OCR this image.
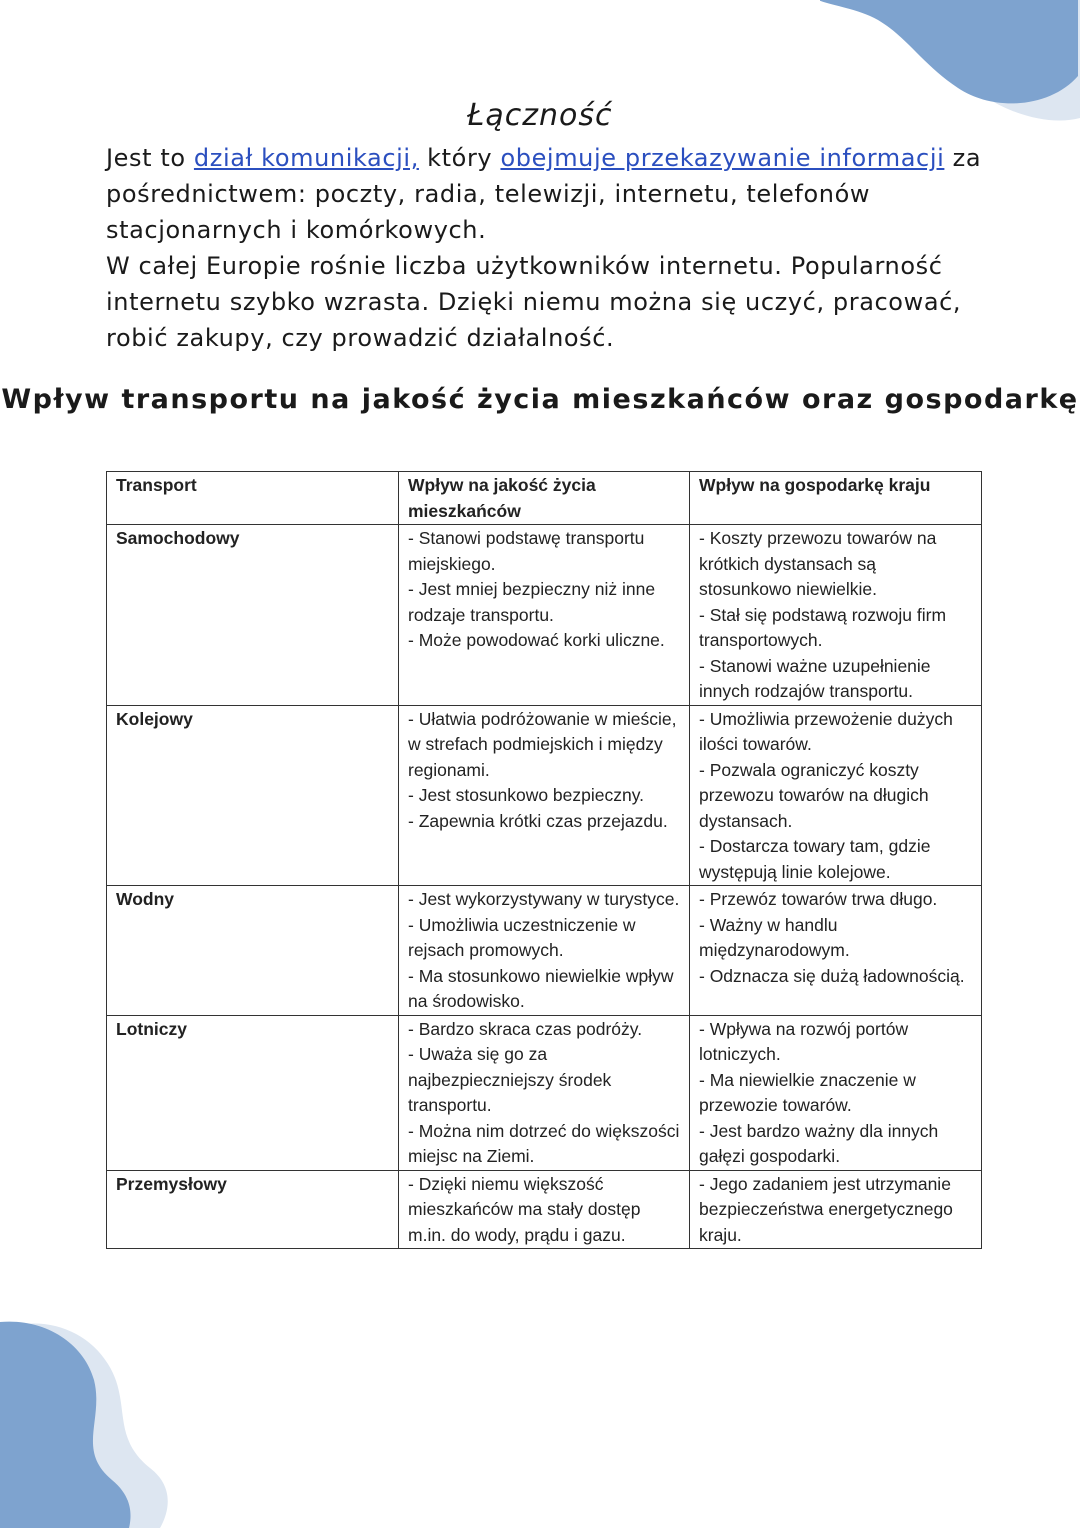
Łączność

Jest to dział komunikacji, który obejmuje przekazywanie informacji za pośrednictwem: poczty, radia, telewizji, internetu, telefonów stacjonarnych i komórkowych.

W całej Europie rośnie liczba użytkowników internetu. Popularność internetu szybko wzrasta. Dzięki niemu można się uczyć, pracować, robić zakupy, czy prowadzić działalność.

Wpływ transportu na jakość życia mieszkańców oraz gospodarkę
Transport	Wpływ na jakość życia mieszkańców	Wpływ na gospodarkę kraju
Samochodowy	- Stanowi podstawę transportu miejskiego.
- Jest mniej bezpieczny niż inne rodzaje transportu.
- Może powodować korki uliczne.	- Koszty przewozu towarów na krótkich dystansach są stosunkowo niewielkie.
- Stał się podstawą rozwoju firm transportowych.
- Stanowi ważne uzupełnienie innych rodzajów transportu.

Kolejowy	- Ułatwia podróżowanie w mieście, w strefach podmiejskich i między regionami.
- Jest stosunkowo bezpieczny.
- Zapewnia krótki czas przejazdu.	- Umożliwia przewożenie dużych ilości towarów.
- Pozwala ograniczyć koszty przewozu towarów na długich dystansach.
- Dostarcza towary tam, gdzie występują linie kolejowe.

Wodny	- Jest wykorzystywany w turystyce.
- Umożliwia uczestniczenie w rejsach promowych.
- Ma stosunkowo niewielkie wpływ na środowisko.	- Przewóz towarów trwa długo.
- Ważny w handlu międzynarodowym.
- Odznacza się dużą ładownością.

Lotniczy	- Bardzo skraca czas podróży.
- Uważa się go za najbezpieczniejszy środek transportu.
- Można nim dotrzeć do większości miejsc na Ziemi.	- Wpływa na rozwój portów lotniczych.
- Ma niewielkie znaczenie w przewozie towarów.
- Jest bardzo ważny dla innych gałęzi gospodarki.

Przemysłowy	- Dzięki niemu większość mieszkańców ma stały dostęp m.in. do wody, prądu i gazu.	- Jego zadaniem jest utrzymanie bezpieczeństwa energetycznego kraju.
